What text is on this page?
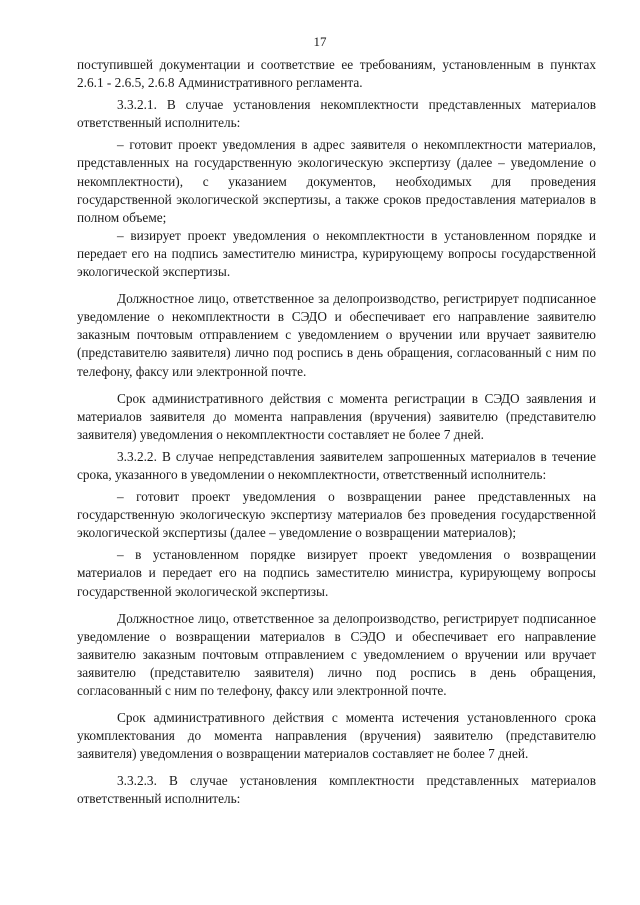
17

поступившей документации и соответствие ее требованиям, установленным в пунктах 2.6.1 - 2.6.5, 2.6.8 Административного регламента.

3.3.2.1. В случае установления некомплектности представленных материалов ответственный исполнитель:

– готовит проект уведомления в адрес заявителя о некомплектности материалов, представленных на государственную экологическую экспертизу (далее – уведомление о некомплектности), с указанием документов, необходимых для проведения государственной экологической экспертизы, а также сроков предоставления материалов в полном объеме;

– визирует проект уведомления о некомплектности в установленном порядке и передает его на подпись заместителю министра, курирующему вопросы государственной экологической экспертизы.

Должностное лицо, ответственное за делопроизводство, регистрирует подписанное уведомление о некомплектности в СЭДО и обеспечивает его направление заявителю заказным почтовым отправлением с уведомлением о вручении или вручает заявителю (представителю заявителя) лично под роспись в день обращения, согласованный с ним по телефону, факсу или электронной почте.

Срок административного действия с момента регистрации в СЭДО заявления и материалов заявителя до момента направления (вручения) заявителю (представителю заявителя) уведомления о некомплектности составляет не более 7 дней.

3.3.2.2. В случае непредставления заявителем запрошенных материалов в течение срока, указанного в уведомлении о некомплектности, ответственный исполнитель:

– готовит проект уведомления о возвращении ранее представленных на государственную экологическую экспертизу материалов без проведения государственной экологической экспертизы (далее – уведомление о возвращении материалов);

– в установленном порядке визирует проект уведомления о возвращении материалов и передает его на подпись заместителю министра, курирующему вопросы государственной экологической экспертизы.

Должностное лицо, ответственное за делопроизводство, регистрирует подписанное уведомление о возвращении материалов в СЭДО и обеспечивает его направление заявителю заказным почтовым отправлением с уведомлением о вручении или вручает заявителю (представителю заявителя) лично под роспись в день обращения, согласованный с ним по телефону, факсу или электронной почте.

Срок административного действия с момента истечения установленного срока укомплектования до момента направления (вручения) заявителю (представителю заявителя) уведомления о возвращении материалов составляет не более 7 дней.

3.3.2.3. В случае установления комплектности представленных материалов ответственный исполнитель:
